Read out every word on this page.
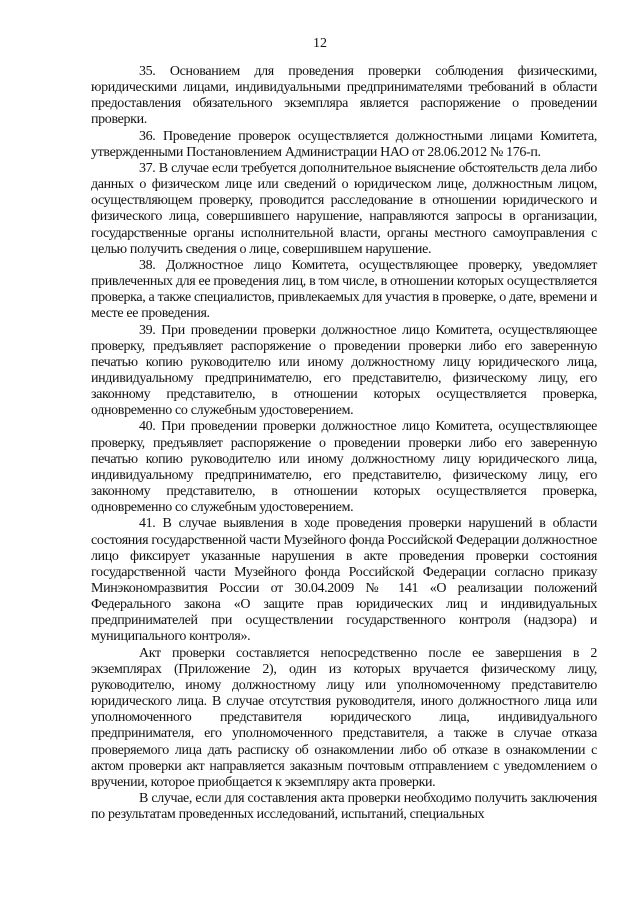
12

35. Основанием для проведения проверки соблюдения физическими, юридическими лицами, индивидуальными предпринимателями требований в области предоставления обязательного экземпляра является распоряжение о проведении проверки.

36. Проведение проверок осуществляется должностными лицами Комитета, утвержденными Постановлением Администрации НАО от 28.06.2012 № 176-п.

37. В случае если требуется дополнительное выяснение обстоятельств дела либо данных о физическом лице или сведений о юридическом лице, должностным лицом, осуществляющем проверку, проводится расследование в отношении юридического и физического лица, совершившего нарушение, направляются запросы в организации, государственные органы исполнительной власти, органы местного самоуправления с целью получить сведения о лице, совершившем нарушение.

38. Должностное лицо Комитета, осуществляющее проверку, уведомляет привлеченных для ее проведения лиц, в том числе, в отношении которых осуществляется проверка, а также специалистов, привлекаемых для участия в проверке, о дате, времени и месте ее проведения.

39. При проведении проверки должностное лицо Комитета, осуществляющее проверку, предъявляет распоряжение о проведении проверки либо его заверенную печатью копию руководителю или иному должностному лицу юридического лица, индивидуальному предпринимателю, его представителю, физическому лицу, его законному представителю, в отношении которых осуществляется проверка, одновременно со служебным удостоверением.

40. При проведении проверки должностное лицо Комитета, осуществляющее проверку, предъявляет распоряжение о проведении проверки либо его заверенную печатью копию руководителю или иному должностному лицу юридического лица, индивидуальному предпринимателю, его представителю, физическому лицу, его законному представителю, в отношении которых осуществляется проверка, одновременно со служебным удостоверением.

41. В случае выявления в ходе проведения проверки нарушений в области состояния государственной части Музейного фонда Российской Федерации должностное лицо фиксирует указанные нарушения в акте проведения проверки состояния государственной части Музейного фонда Российской Федерации согласно приказу Минэкономразвития России от 30.04.2009 № 141 «О реализации положений Федерального закона «О защите прав юридических лиц и индивидуальных предпринимателей при осуществлении государственного контроля (надзора) и муниципального контроля».

Акт проверки составляется непосредственно после ее завершения в 2 экземплярах (Приложение 2), один из которых вручается физическому лицу, руководителю, иному должностному лицу или уполномоченному представителю юридического лица. В случае отсутствия руководителя, иного должностного лица или уполномоченного представителя юридического лица, индивидуального предпринимателя, его уполномоченного представителя, а также в случае отказа проверяемого лица дать расписку об ознакомлении либо об отказе в ознакомлении с актом проверки акт направляется заказным почтовым отправлением с уведомлением о вручении, которое приобщается к экземпляру акта проверки.

В случае, если для составления акта проверки необходимо получить заключения по результатам проведенных исследований, испытаний, специальных
